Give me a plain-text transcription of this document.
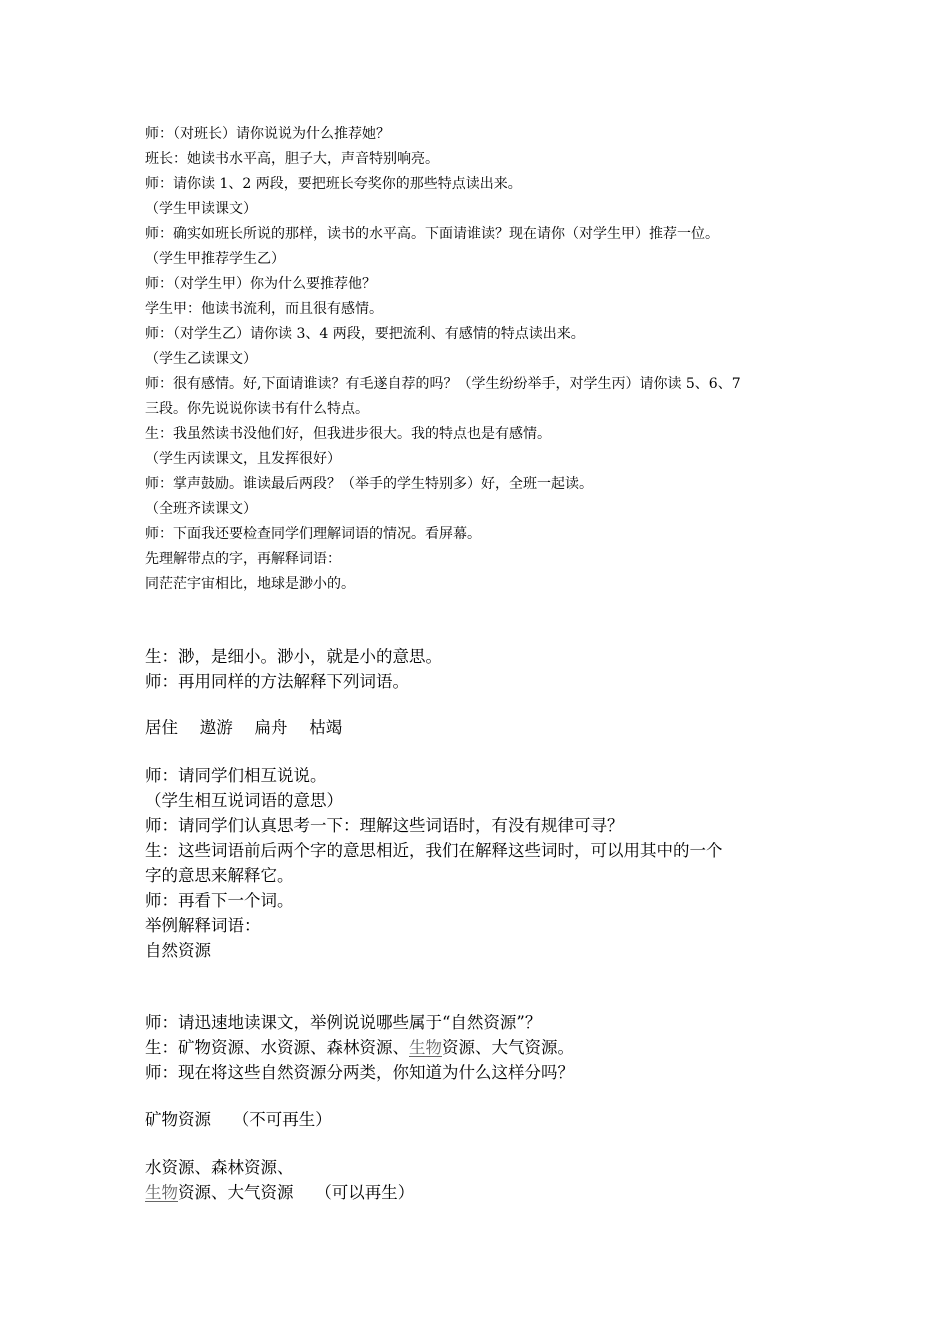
师：（对班长）请你说说为什么推荐她？
班长：她读书水平高，胆子大，声音特别响亮。
师：请你读 1、2 两段，要把班长夸奖你的那些特点读出来。
（学生甲读课文）
师：确实如班长所说的那样，读书的水平高。下面请谁读？现在请你（对学生甲）推荐一位。
（学生甲推荐学生乙）
师：（对学生甲）你为什么要推荐他？
学生甲：他读书流利，而且很有感情。
师：（对学生乙）请你读 3、4 两段，要把流利、有感情的特点读出来。
（学生乙读课文）
师：很有感情。好,下面请谁读？有毛遂自荐的吗？（学生纷纷举手，对学生丙）请你读 5、6、7
三段。你先说说你读书有什么特点。
生：我虽然读书没他们好，但我进步很大。我的特点也是有感情。
（学生丙读课文，且发挥很好）
师：掌声鼓励。谁读最后两段？（举手的学生特别多）好，全班一起读。
（全班齐读课文）
师：下面我还要检查同学们理解词语的情况。看屏幕。
先理解带点的字，再解释词语：
同茫茫宇宙相比，地球是渺小的。
生：渺，是细小。渺小，就是小的意思。
师：再用同样的方法解释下列词语。
居住　 遨游　 扁舟　 枯竭
师：请同学们相互说说。
（学生相互说词语的意思）
师：请同学们认真思考一下：理解这些词语时，有没有规律可寻？
生：这些词语前后两个字的意思相近，我们在解释这些词时，可以用其中的一个
字的意思来解释它。
师：再看下一个词。
举例解释词语：
自然资源
师：请迅速地读课文，举例说说哪些属于“自然资源”？
生：矿物资源、水资源、森林资源、生物资源、大气资源。
师：现在将这些自然资源分两类，你知道为什么这样分吗？
矿物资源　 （不可再生）
水资源、森林资源、
生物资源、大气资源　 （可以再生）
